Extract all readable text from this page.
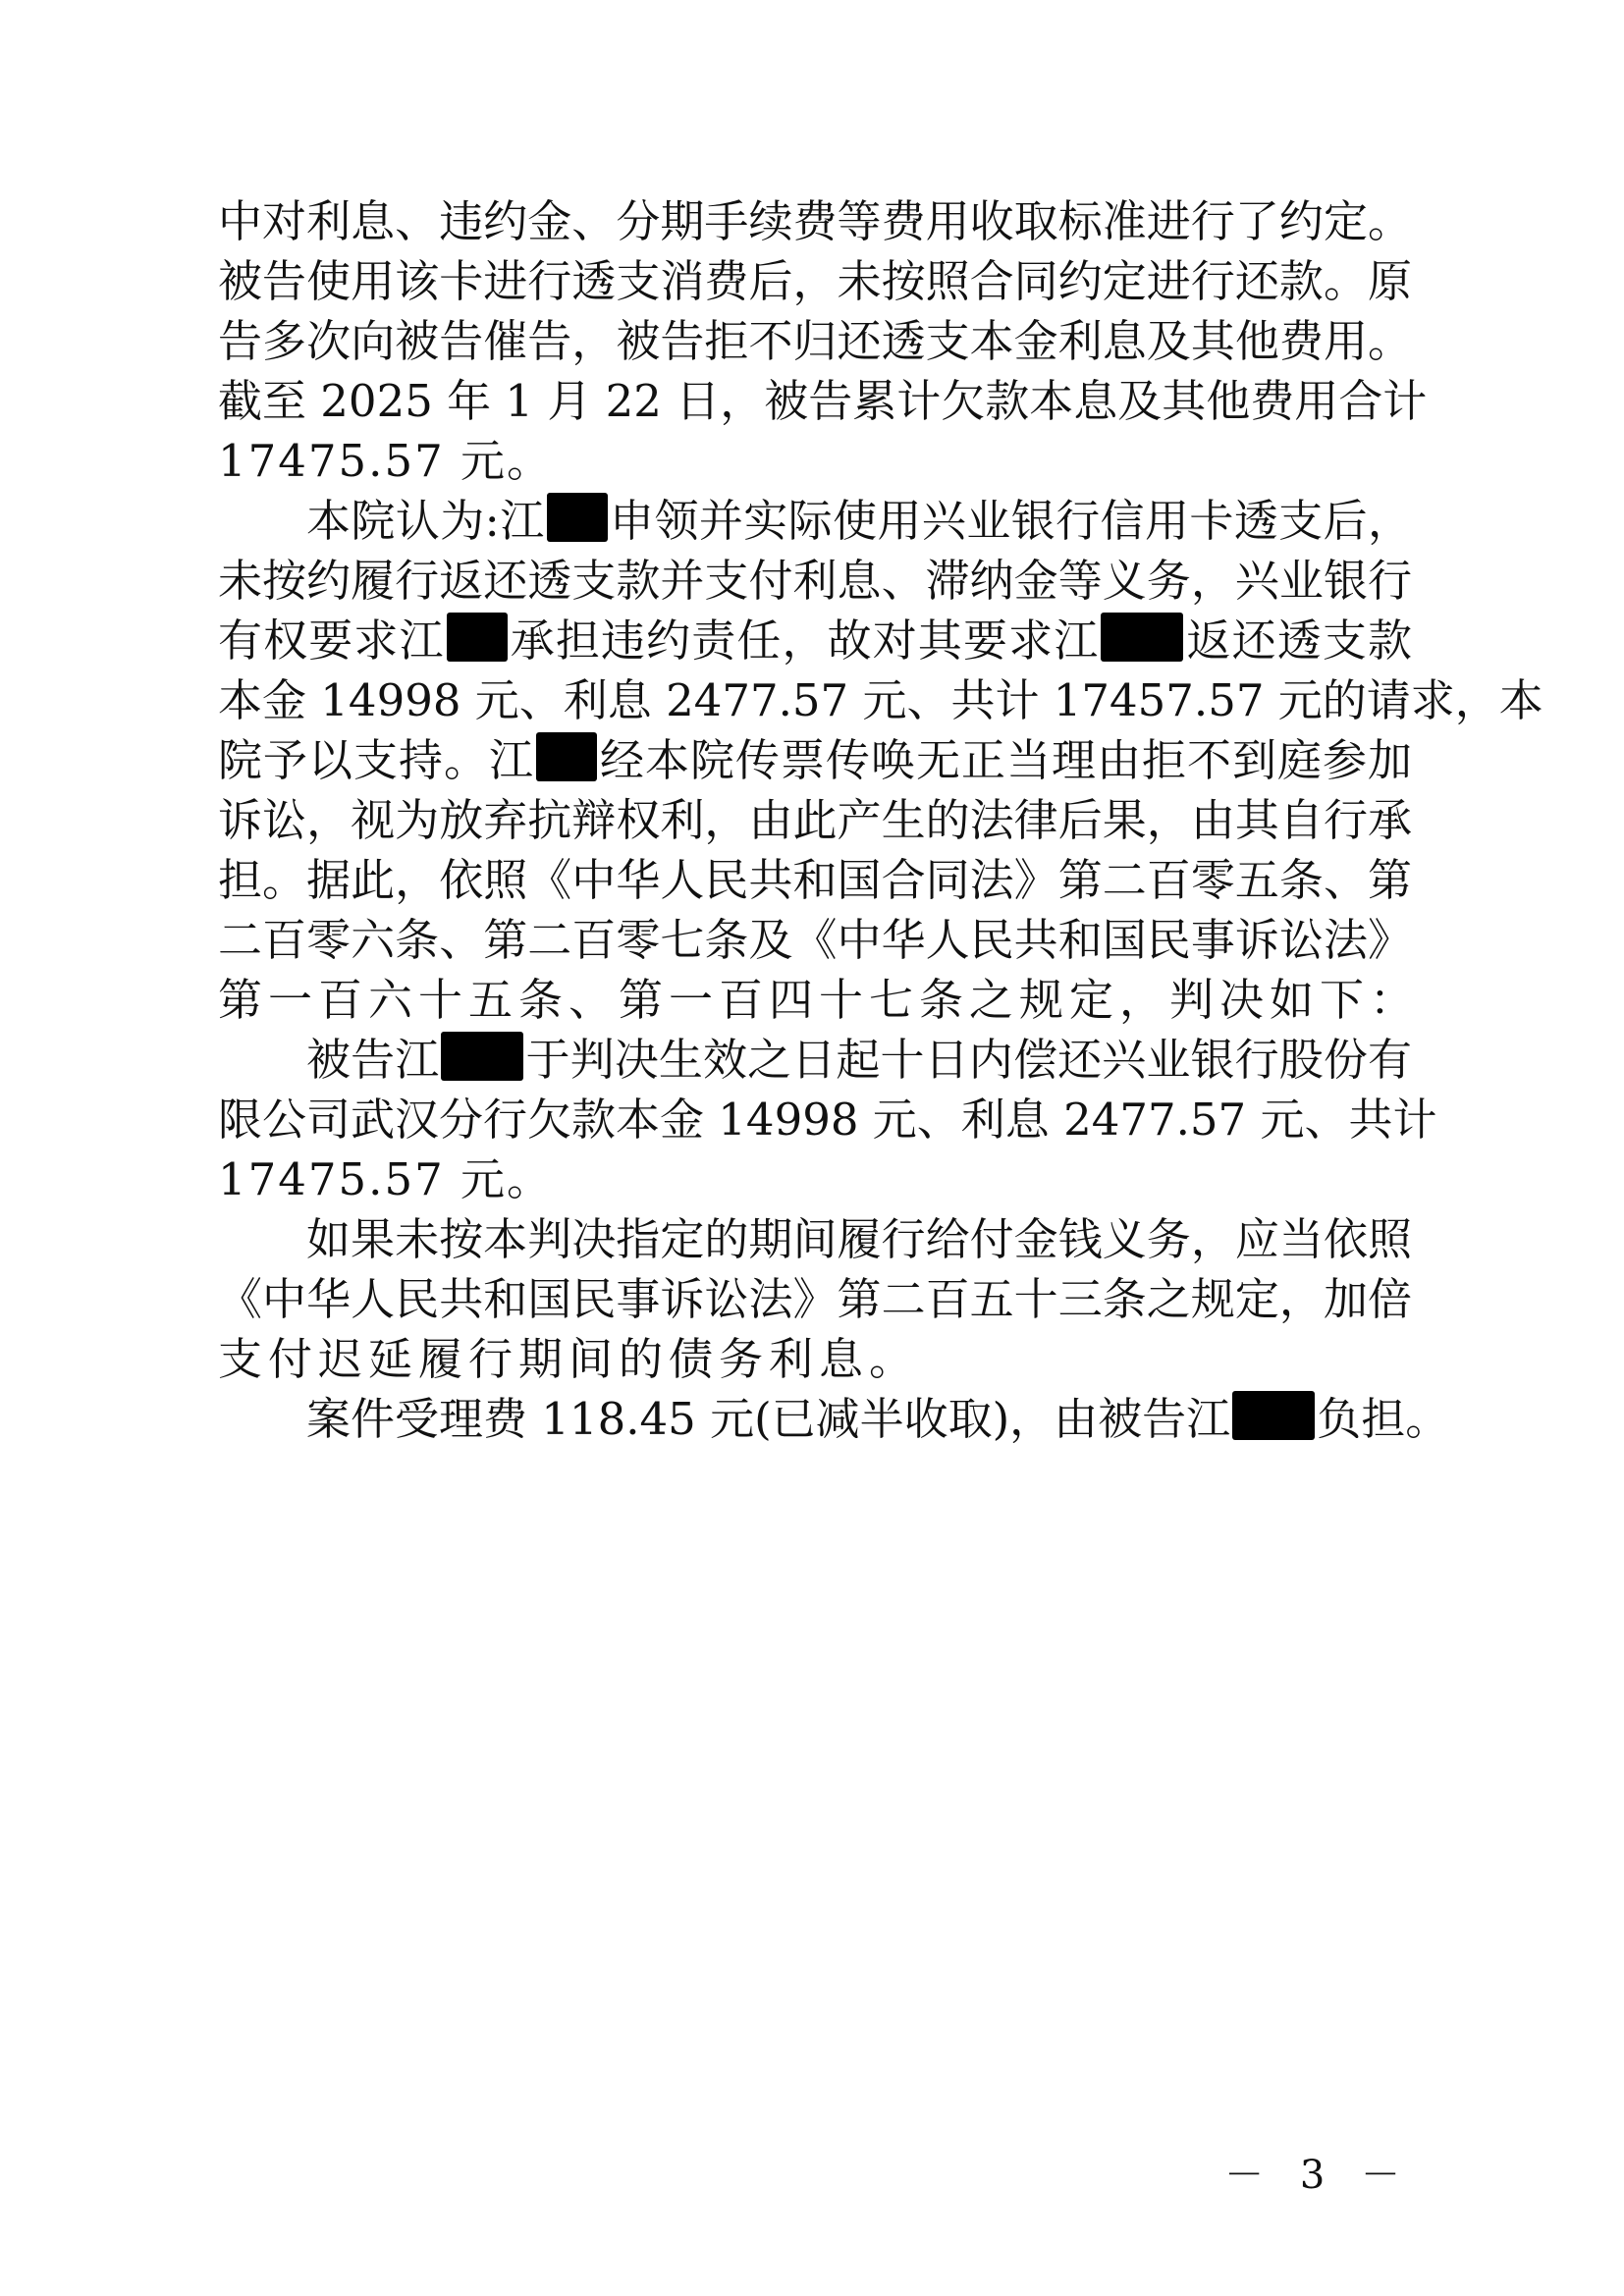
中对利息、违约金、分期手续费等费用收取标准进行了约定。
被告使用该卡进行透支消费后，未按照合同约定进行还款。原
告多次向被告催告，被告拒不归还透支本金利息及其他费用。
截至 2025 年 1 月 22 日，被告累计欠款本息及其他费用合计
17475.57 元。
本院认为:江 申领并实际使用兴业银行信用卡透支后，
未按约履行返还透支款并支付利息、滞纳金等义务，兴业银行
有权要求江 承担违约责任，故对其要求江 返还透支款
本金 14998 元、利息 2477.57 元、共计 17457.57 元的请求，本
院予以支持。江 经本院传票传唤无正当理由拒不到庭参加
诉讼，视为放弃抗辩权利，由此产生的法律后果，由其自行承
担。据此，依照《中华人民共和国合同法》第二百零五条、第
二百零六条、第二百零七条及《中华人民共和国民事诉讼法》
第一百六十五条、第一百四十七条之规定，判决如下：
被告江 于判决生效之日起十日内偿还兴业银行股份有
限公司武汉分行欠款本金 14998 元、利息 2477.57 元、共计
17475.57 元。
如果未按本判决指定的期间履行给付金钱义务，应当依照
《中华人民共和国民事诉讼法》第二百五十三条之规定，加倍
支付迟延履行期间的债务利息。
案件受理费 118.45 元(已减半收取)，由被告江 负担。
－ 3 －
